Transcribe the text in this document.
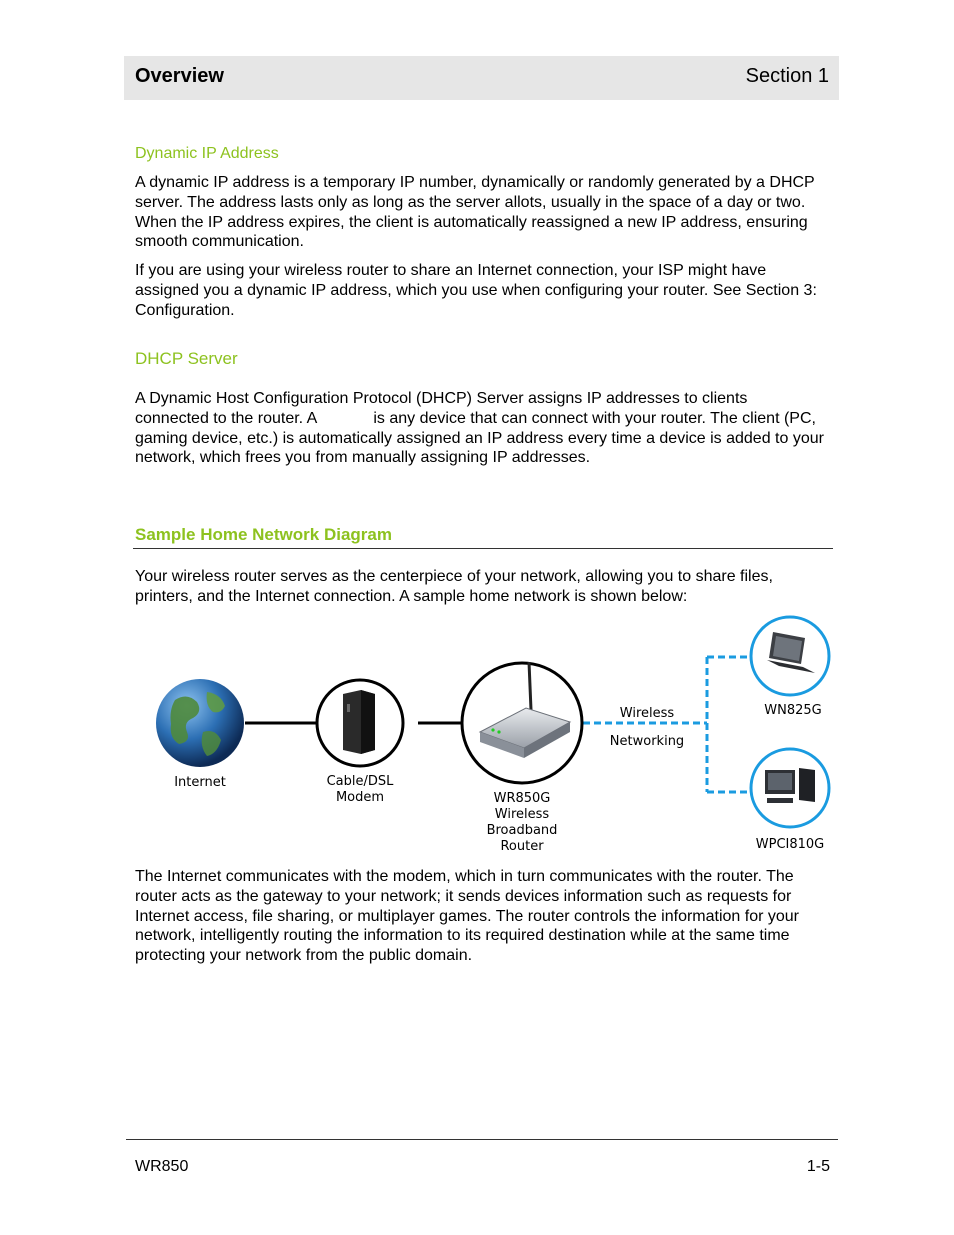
Overview	Section 1
Dynamic IP Address
A dynamic IP address is a temporary IP number, dynamically or randomly generated by a DHCP server. The address lasts only as long as the server allots, usually in the space of a day or two. When the IP address expires, the client is automatically reassigned a new IP address, ensuring smooth communication.
If you are using your wireless router to share an Internet connection, your ISP might have assigned you a dynamic IP address, which you use when configuring your router. See Section 3: Configuration.
DHCP Server
A Dynamic Host Configuration Protocol (DHCP) Server assigns IP addresses to clients connected to the router. A	is any device that can connect with your router. The client (PC, gaming device, etc.) is automatically assigned an IP address every time a device is added to your network, which frees you from manually assigning IP addresses.
Sample Home Network Diagram
Your wireless router serves as the centerpiece of your network, allowing you to share files, printers, and the Internet connection. A sample home network is shown below:
Internet	Cable/DSL
Modem	WR850G
Wireless
Broadband
Router
Wireless
Networking
WN825G
WPCI810G
The Internet communicates with the modem, which in turn communicates with the router. The router acts as the gateway to your network; it sends devices information such as requests for Internet access, file sharing, or multiplayer games. The router controls the information for your network, intelligently routing the information to its required destination while at the same time protecting your network from the public domain.
WR850	1-5
